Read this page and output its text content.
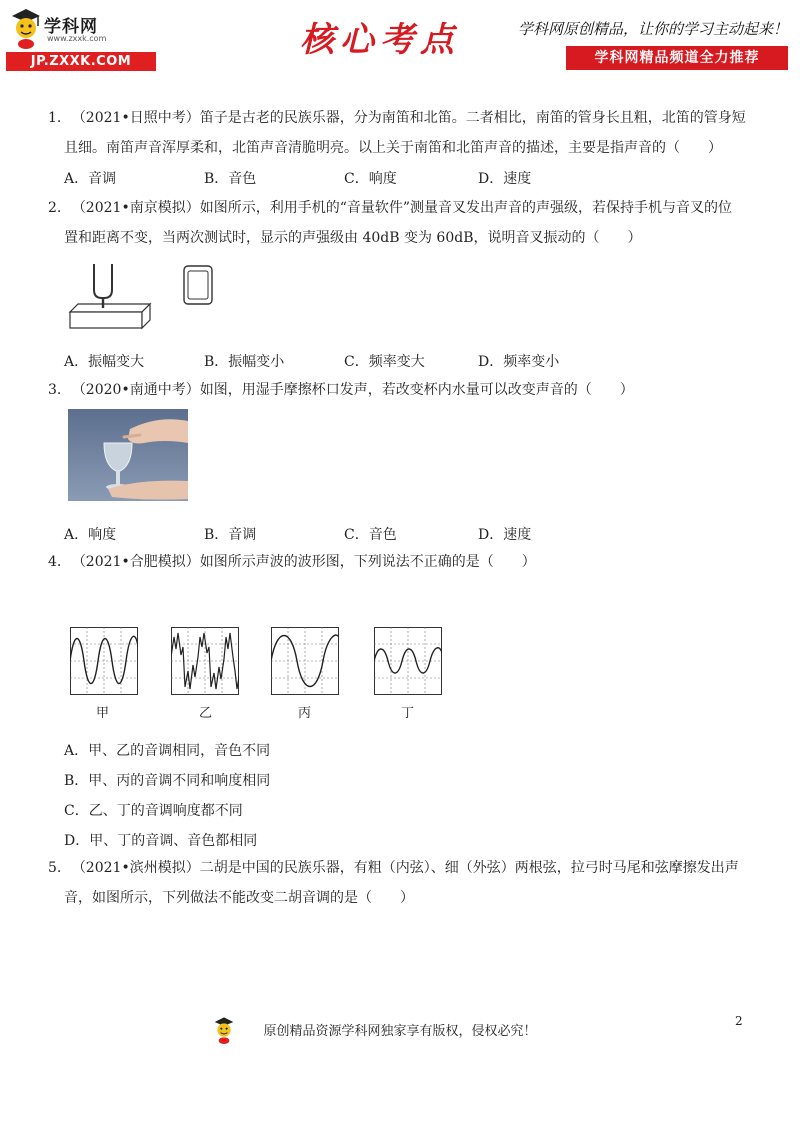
学科网
www.zxxk.com
JP.ZXXK.COM
核心考点	学科网原创精品，让你的学习主动起来！
学科网精品频道全力推荐
1. （2021•日照中考）笛子是古老的民族乐器，分为南笛和北笛。二者相比，南笛的管身长且粗，北笛的管身短
且细。南笛声音浑厚柔和，北笛声音清脆明亮。以上关于南笛和北笛声音的描述，主要是指声音的（　　）
A．音调	B．音色	C．响度	D．速度
2. （2021•南京模拟）如图所示，利用手机的“音量软件”测量音叉发出声音的声强级，若保持手机与音叉的位
置和距离不变，当两次测试时，显示的声强级由 40dB 变为 60dB，说明音叉振动的（　　）
A．振幅变大	B．振幅变小	C．频率变大	D．频率变小
3. （2020•南通中考）如图，用湿手摩擦杯口发声，若改变杯内水量可以改变声音的（　　）
A．响度	B．音调	C．音色	D．速度
4. （2021•合肥模拟）如图所示声波的波形图，下列说法不正确的是（　　）
甲	乙	丙	丁
A．甲、乙的音调相同，音色不同
B．甲、丙的音调不同和响度相同
C．乙、丁的音调响度都不同
D．甲、丁的音调、音色都相同
5. （2021•滨州模拟）二胡是中国的民族乐器，有粗（内弦）、细（外弦）两根弦，拉弓时马尾和弦摩擦发出声
音，如图所示，下列做法不能改变二胡音调的是（　　）
原创精品资源学科网独家享有版权，侵权必究！
2
